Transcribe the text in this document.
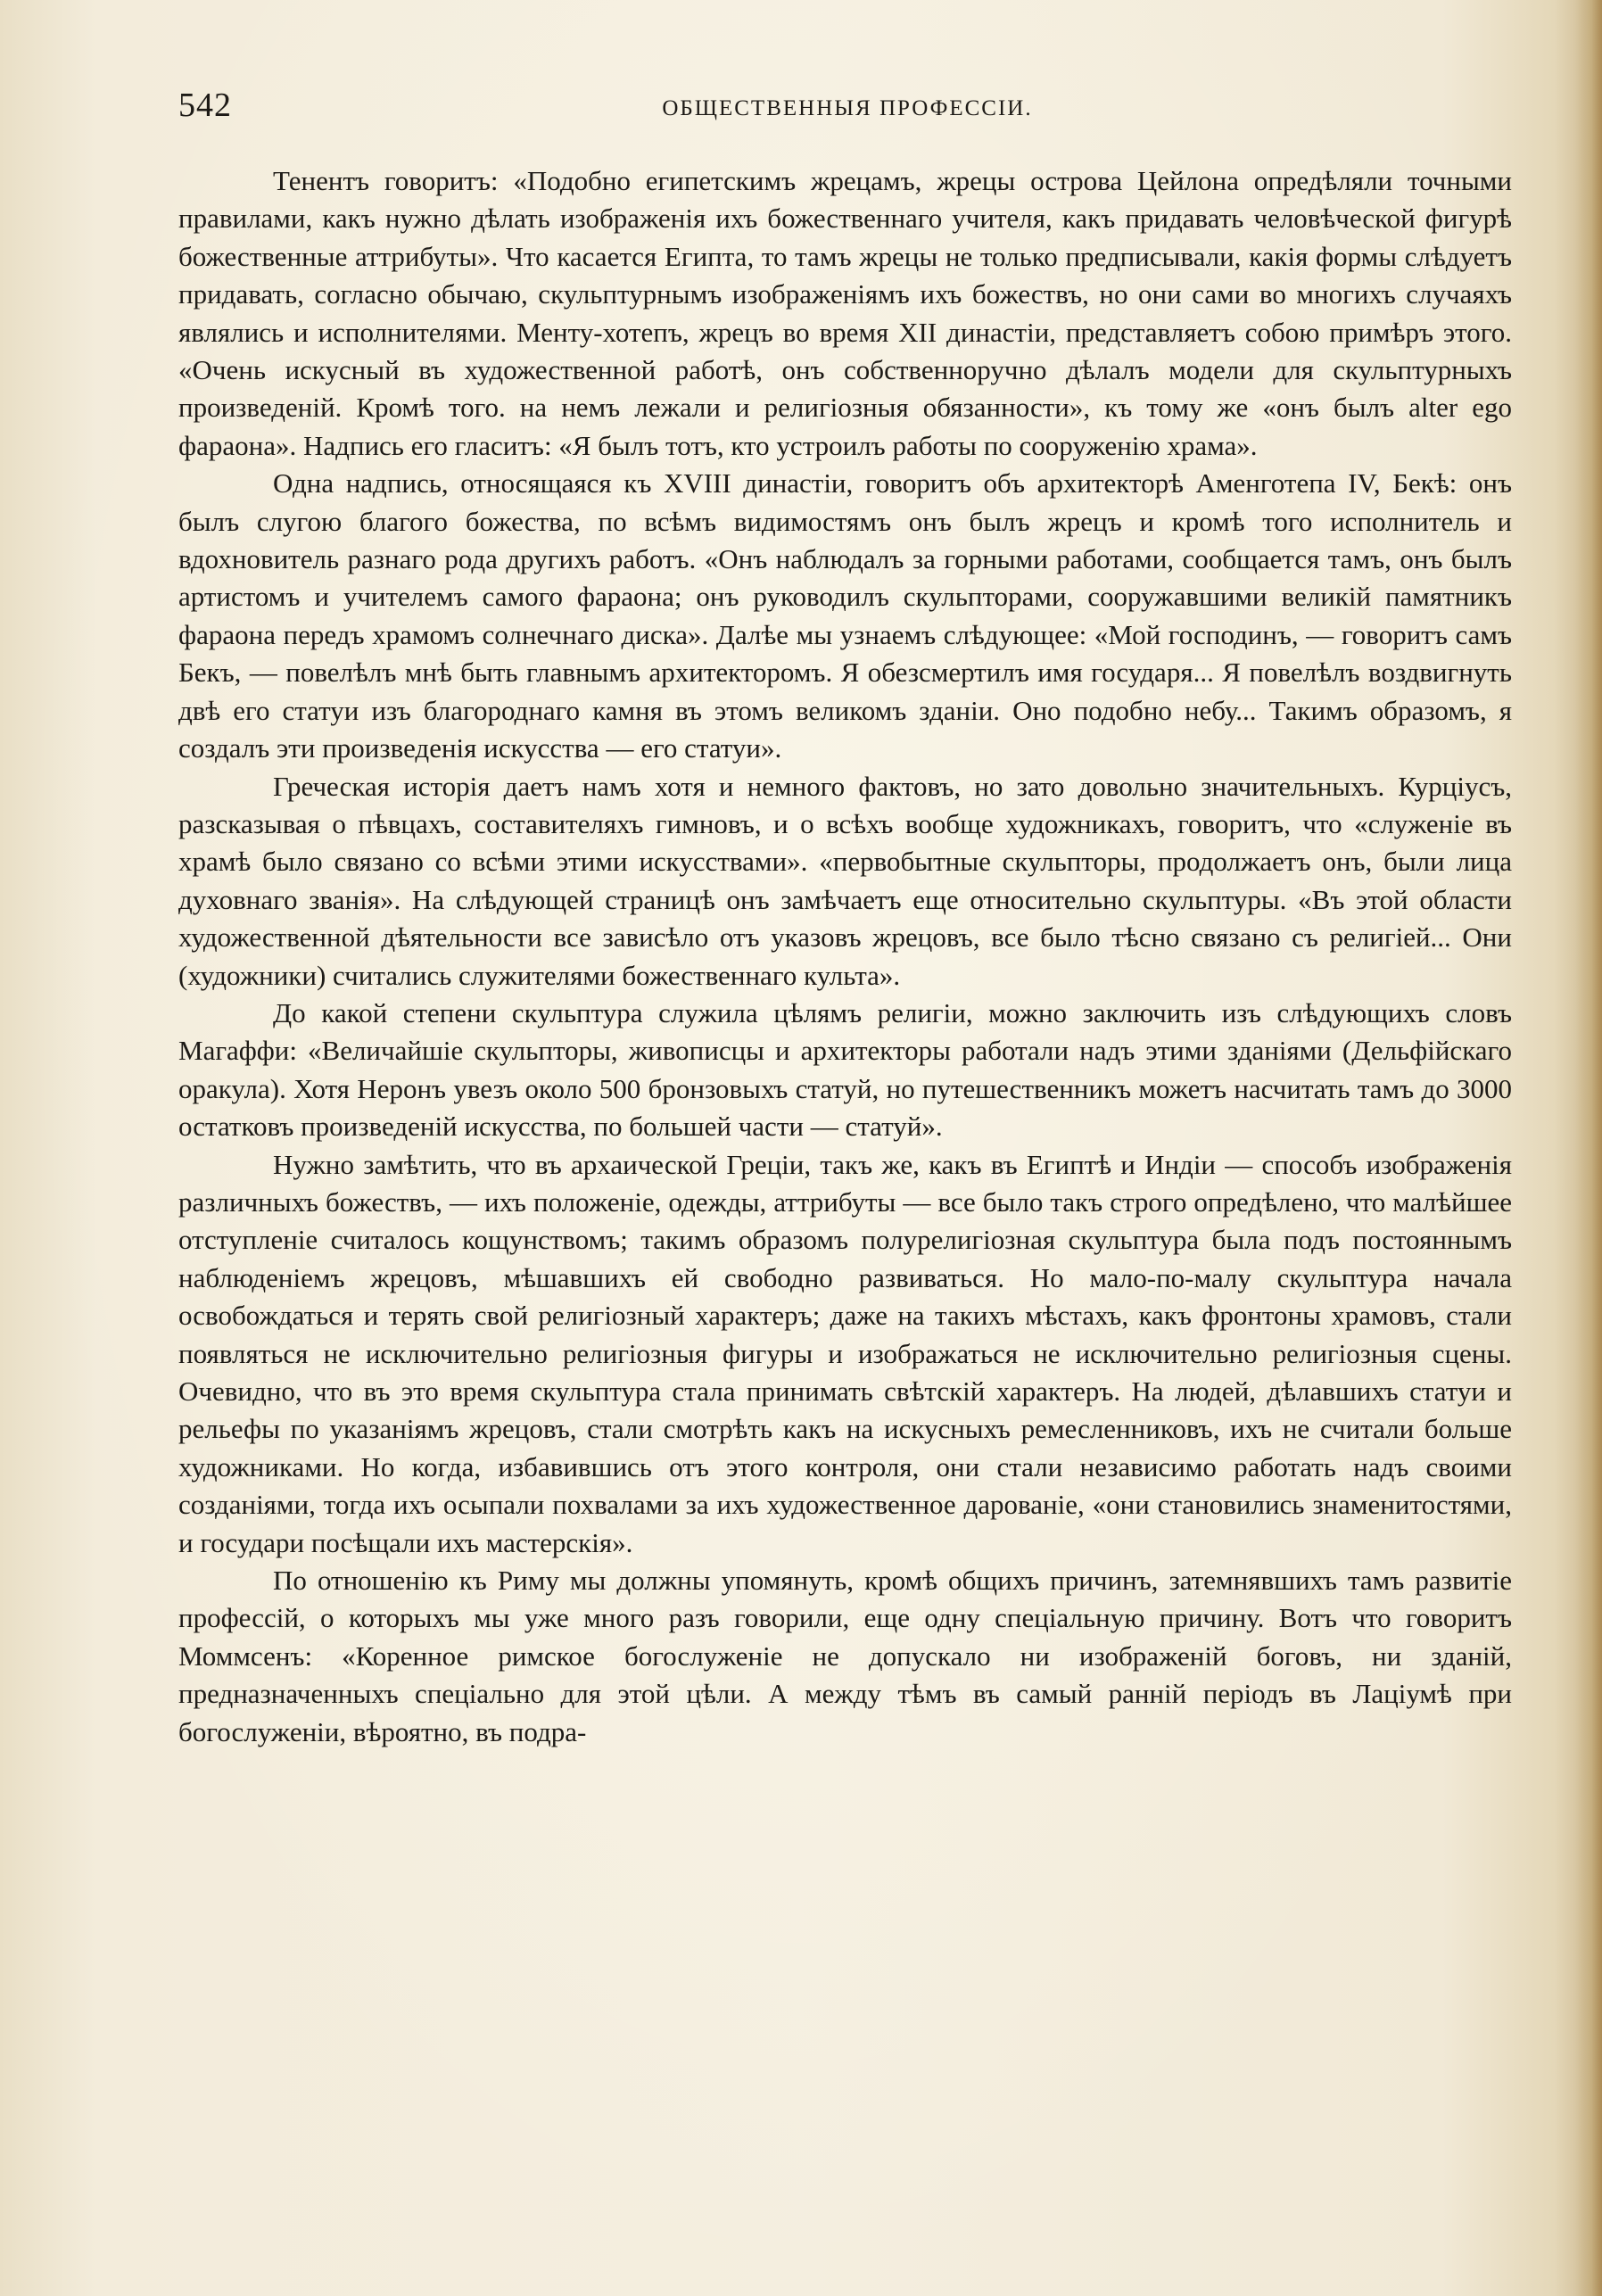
542	ОБЩЕСТВЕННЫЯ ПРОФЕССІИ.

Тенентъ говоритъ: «Подобно египетскимъ жрецамъ, жрецы острова Цейлона опредѣляли точными правилами, какъ нужно дѣлать изображенія ихъ божественнаго учителя, какъ придавать человѣческой фигурѣ божественные аттрибуты». Что касается Египта, то тамъ жрецы не только предписывали, какія формы слѣдуетъ придавать, согласно обычаю, скульптурнымъ изображеніямъ ихъ божествъ, но они сами во многихъ случаяхъ являлись и исполнителями. Менту-хотепъ, жрецъ во время XII династіи, представляетъ собою примѣръ этого. «Очень искусный въ художественной работѣ, онъ собственноручно дѣлалъ модели для скульптурныхъ произведеній. Кромѣ того. на немъ лежали и религіозныя обязанности», къ тому же «онъ былъ alter ego фараона». Надпись его гласитъ: «Я былъ тотъ, кто устроилъ работы по сооруженію храма».

Одна надпись, относящаяся къ XVIII династіи, говоритъ объ архитекторѣ Аменготепа IV, Бекѣ: онъ былъ слугою благого божества, по всѣмъ видимостямъ онъ былъ жрецъ и кромѣ того исполнитель и вдохновитель разнаго рода другихъ работъ. «Онъ наблюдалъ за горными работами, сообщается тамъ, онъ былъ артистомъ и учителемъ самого фараона; онъ руководилъ скульпторами, сооружавшими великій памятникъ фараона передъ храмомъ солнечнаго диска». Далѣе мы узнаемъ слѣдующее: «Мой господинъ, — говоритъ самъ Бекъ, — повелѣлъ мнѣ быть главнымъ архитекторомъ. Я обезсмертилъ имя государя... Я повелѣлъ воздвигнуть двѣ его статуи изъ благороднаго камня въ этомъ великомъ зданіи. Оно подобно небу... Такимъ образомъ, я создалъ эти произведенія искусства — его статуи».

Греческая исторія даетъ намъ хотя и немного фактовъ, но зато довольно значительныхъ. Курціусъ, разсказывая о пѣвцахъ, составителяхъ гимновъ, и о всѣхъ вообще художникахъ, говоритъ, что «служеніе въ храмѣ было связано со всѣми этими искусствами». «первобытные скульпторы, продолжаетъ онъ, были лица духовнаго званія». На слѣдующей страницѣ онъ замѣчаетъ еще относительно скульптуры. «Въ этой области художественной дѣятельности все зависѣло отъ указовъ жрецовъ, все было тѣсно связано съ религіей... Они (художники) считались служителями божественнаго культа».

До какой степени скульптура служила цѣлямъ религіи, можно заключить изъ слѣдующихъ словъ Магаффи: «Величайшіе скульпторы, живописцы и архитекторы работали надъ этими зданіями (Дельфійскаго оракула). Хотя Неронъ увезъ около 500 бронзовыхъ статуй, но путешественникъ можетъ насчитать тамъ до 3000 остатковъ произведеній искусства, по большей части — статуй».

Нужно замѣтить, что въ архаической Греціи, такъ же, какъ въ Египтѣ и Индіи — способъ изображенія различныхъ божествъ, — ихъ положеніе, одежды, аттрибуты — все было такъ строго опредѣлено, что малѣйшее отступленіе считалось кощунствомъ; такимъ образомъ полурелигіозная скульптура была подъ постояннымъ наблюденіемъ жрецовъ, мѣшавшихъ ей свободно развиваться. Но мало-по-малу скульптура начала освобождаться и терять свой религіозный характеръ; даже на такихъ мѣстахъ, какъ фронтоны храмовъ, стали появляться не исключительно религіозныя фигуры и изображаться не исключительно религіозныя сцены. Очевидно, что въ это время скульптура стала принимать свѣтскій характеръ. На людей, дѣлавшихъ статуи и рельефы по указаніямъ жрецовъ, стали смотрѣть какъ на искусныхъ ремесленниковъ, ихъ не считали больше художниками. Но когда, избавившись отъ этого контроля, они стали независимо работать надъ своими созданіями, тогда ихъ осыпали похвалами за ихъ художественное дарованіе, «они становились знаменитостями, и государи посѣщали ихъ мастерскія».

По отношенію къ Риму мы должны упомянуть, кромѣ общихъ причинъ, затемнявшихъ тамъ развитіе профессій, о которыхъ мы уже много разъ говорили, еще одну спеціальную причину. Вотъ что говоритъ Моммсенъ: «Коренное римское богослуженіе не допускало ни изображеній боговъ, ни зданій, предназначенныхъ спеціально для этой цѣли. А между тѣмъ въ самый ранній періодъ въ Лаціумѣ при богослуженіи, вѣроятно, въ подра-
